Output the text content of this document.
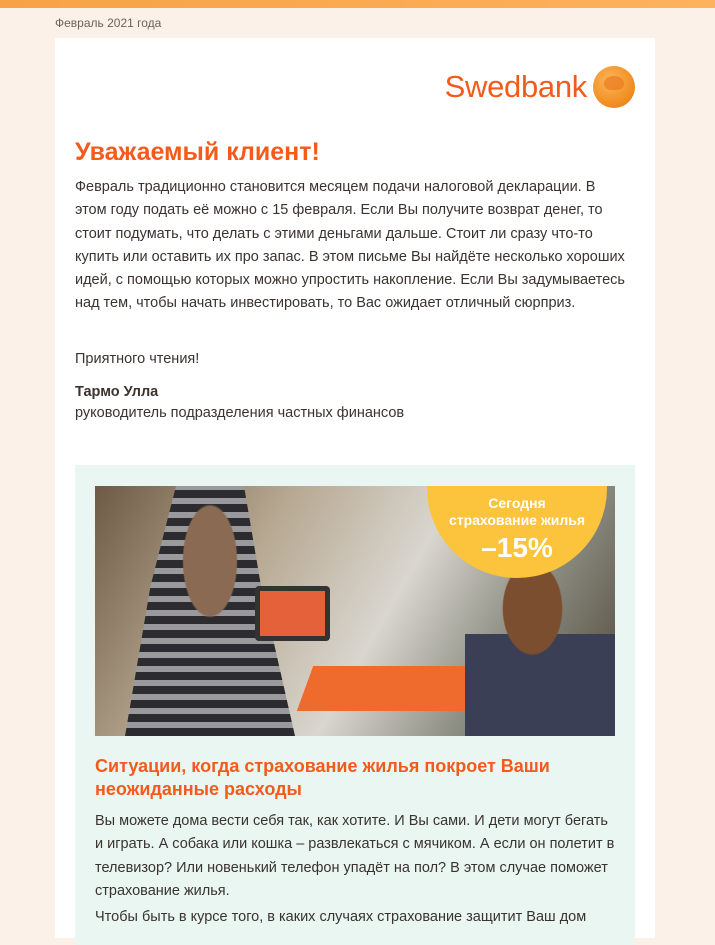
Февраль 2021 года
Swedbank
Уважаемый клиент!

Февраль традиционно становится месяцем подачи налоговой декларации. В этом году подать её можно с 15 февраля. Если Вы получите возврат денег, то стоит подумать, что делать с этими деньгами дальше. Стоит ли сразу что-то купить или оставить их про запас. В этом письме Вы найдёте несколько хороших идей, с помощью которых можно упростить накопление. Если Вы задумываетесь над тем, чтобы начать инвестировать, то Вас ожидает отличный сюрприз.

Приятного чтения!

Тармо Улла

руководитель подразделения частных финансов

Сегодня
страхование жилья
–15%
Ситуации, когда страхование жилья покроет Ваши неожиданные расходы

Вы можете дома вести себя так, как хотите. И Вы сами. И дети могут бегать и играть. А собака или кошка – развлекаться с мячиком. А если он полетит в телевизор? Или новенький телефон упадёт на пол? В этом случае поможет страхование жилья.

Чтобы быть в курсе того, в каких случаях страхование защитит Ваш дом
